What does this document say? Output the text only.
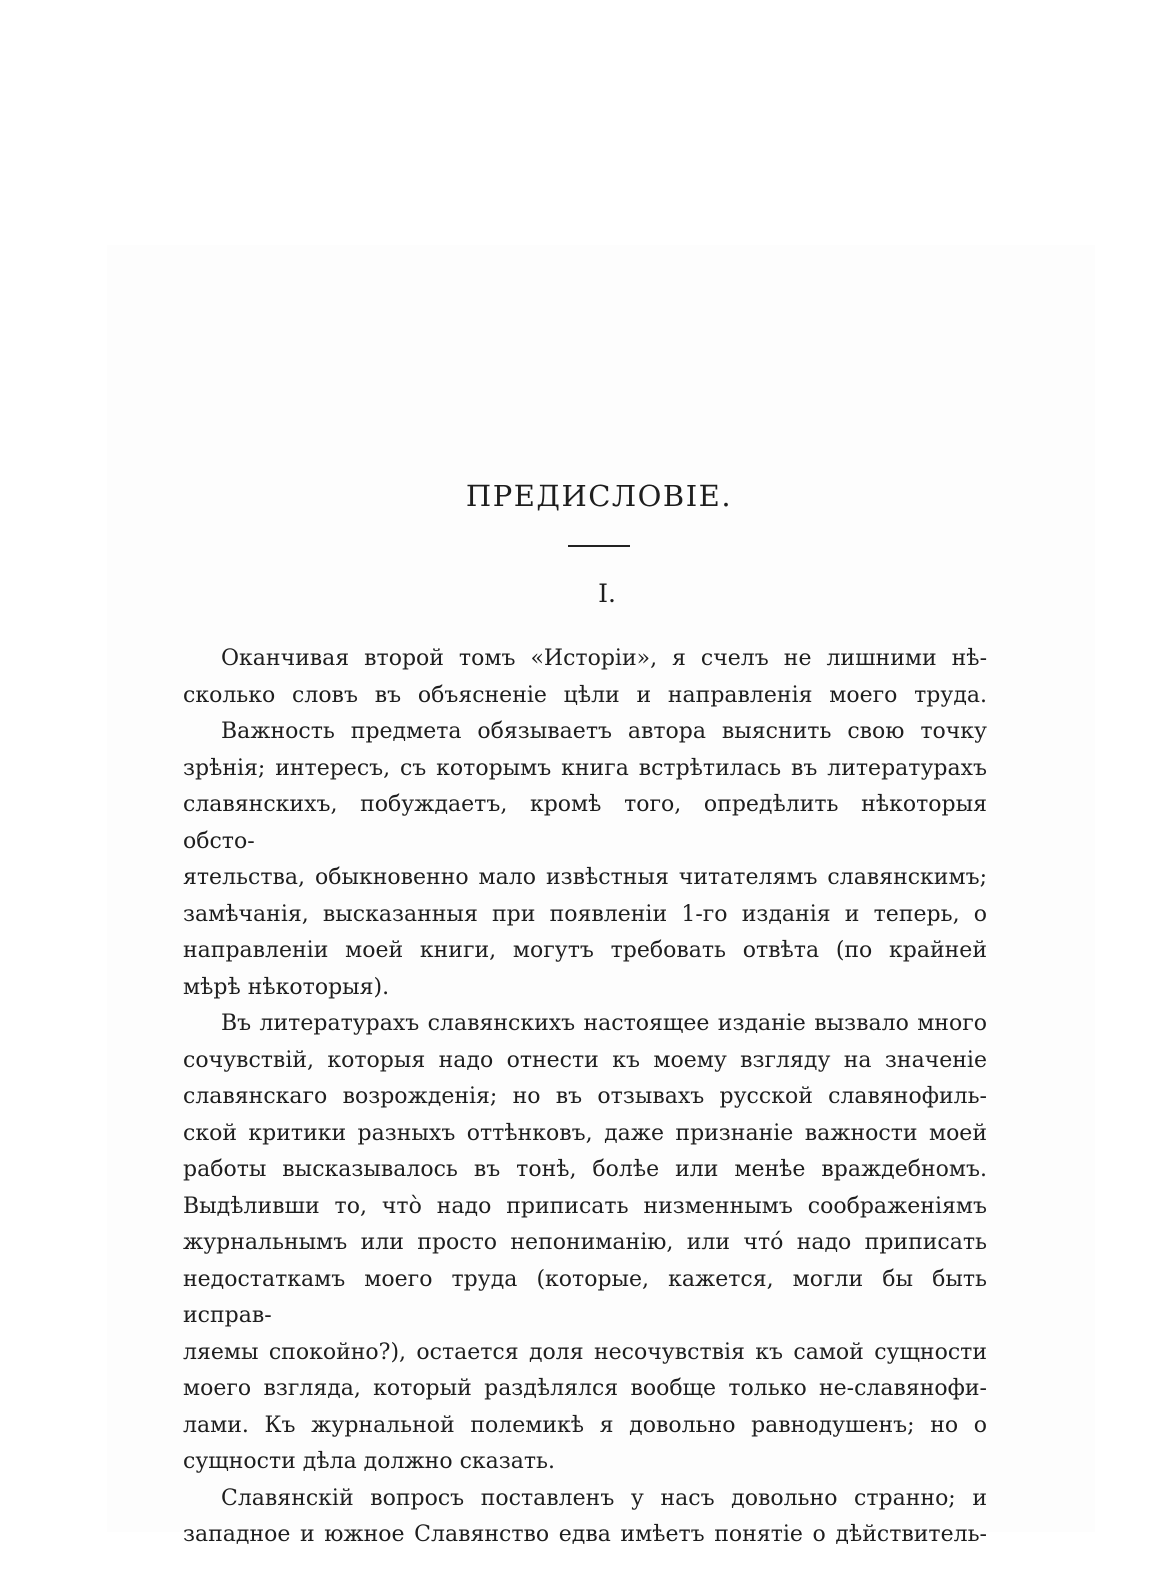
ПРЕДИСЛОВІЕ.
I.

Оканчивая второй томъ «Исторіи», я счелъ не лишними нѣ-
сколько словъ въ объясненіе цѣли и направленія моего труда.

Важность предмета обязываетъ автора выяснить свою точку
зрѣнія; интересъ, съ которымъ книга встрѣтилась въ литературахъ
славянскихъ, побуждаетъ, кромѣ того, опредѣлить нѣкоторыя обсто-
ятельства, обыкновенно мало извѣстныя читателямъ славянскимъ;
замѣчанія, высказанныя при появленіи 1-го изданія и теперь, о
направленіи моей книги, могутъ требовать отвѣта (по крайней
мѣрѣ нѣкоторыя).

Въ литературахъ славянскихъ настоящее изданіе вызвало много
сочувствій, которыя надо отнести къ моему взгляду на значеніе
славянскаго возрожденія; но въ отзывахъ русской славянофиль-
ской критики разныхъ оттѣнковъ, даже признаніе важности моей
работы высказывалось въ тонѣ, болѣе или менѣе враждебномъ.
Выдѣливши то, что̀ надо приписать низменнымъ соображеніямъ
журнальнымъ или просто непониманію, или что́ надо приписать
недостаткамъ моего труда (которые, кажется, могли бы быть исправ-
ляемы спокойно?), остается доля несочувствія къ самой сущности
моего взгляда, который раздѣлялся вообще только не-славянофи-
лами. Къ журнальной полемикѣ я довольно равнодушенъ; но о
сущности дѣла должно сказать.

Славянскій вопросъ поставленъ у насъ довольно странно; и
западное и южное Славянство едва имѣетъ понятіе о дѣйствитель-
